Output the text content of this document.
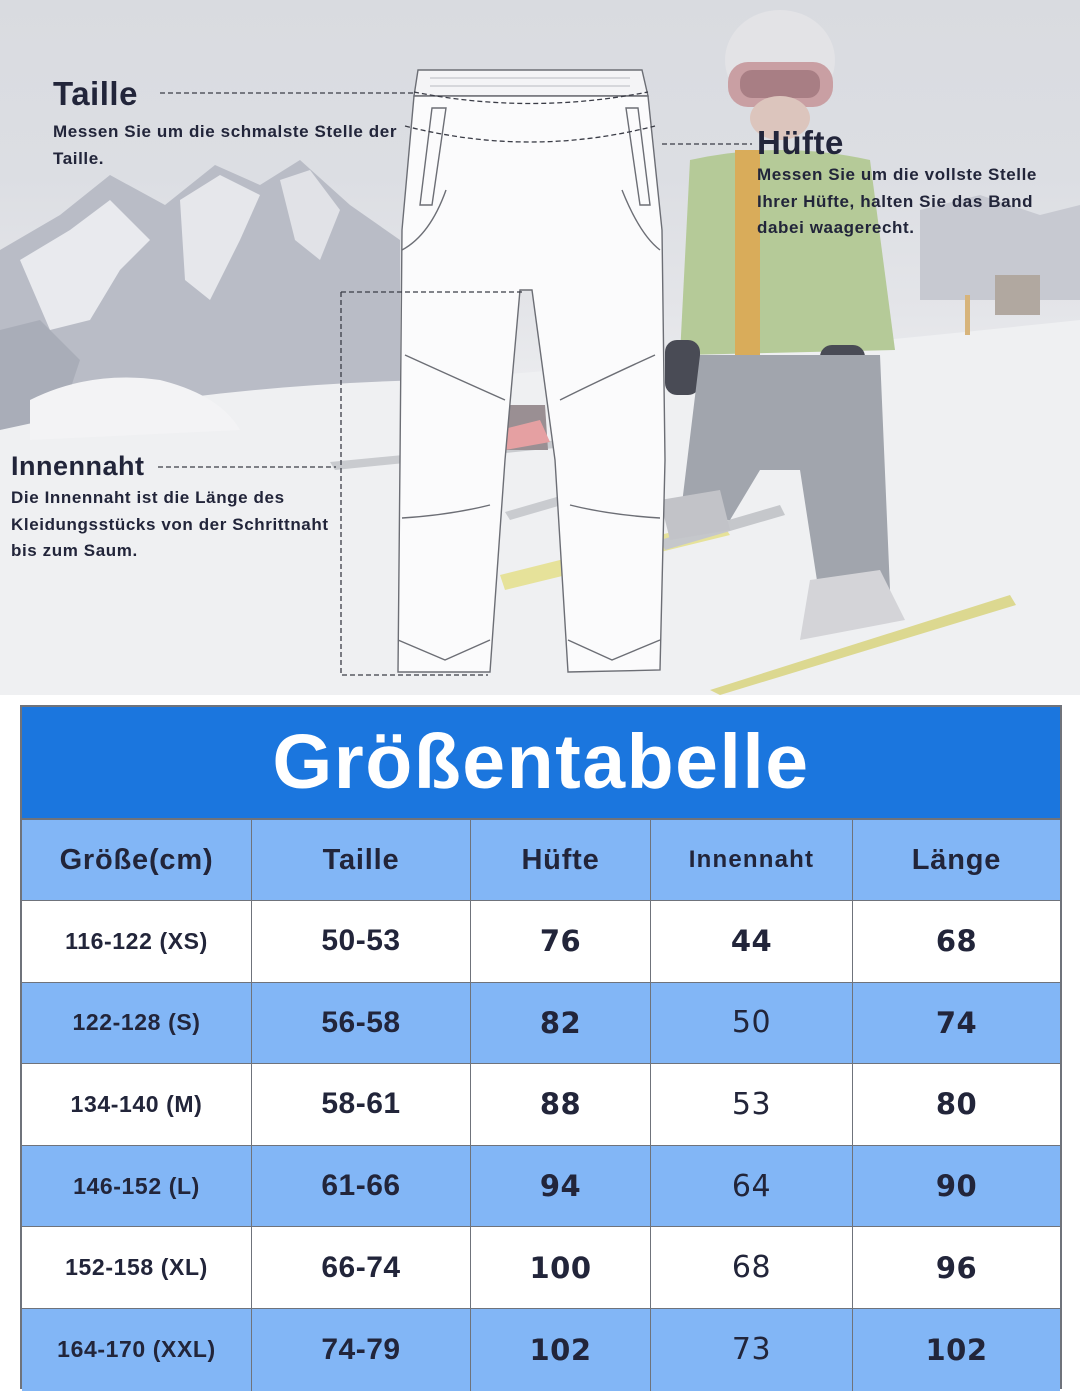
Taille
Messen Sie um die schmalste Stelle der Taille.	Hüfte
Messen Sie um die vollste Stelle Ihrer Hüfte, halten Sie das Band dabei waagerecht.
Innennaht
Die Innennaht ist die Länge des Kleidungsstücks von der Schrittnaht bis zum Saum.
Größentabelle
Größe(cm)	Taille	Hüfte	Innennaht	Länge
116-122 (XS)	50-53	76	44	68
122-128 (S)	56-58	82	50	74
134-140 (M)	58-61	88	53	80
146-152 (L)	61-66	94	64	90
152-158 (XL)	66-74	100	68	96
164-170 (XXL)	74-79	102	73	102
